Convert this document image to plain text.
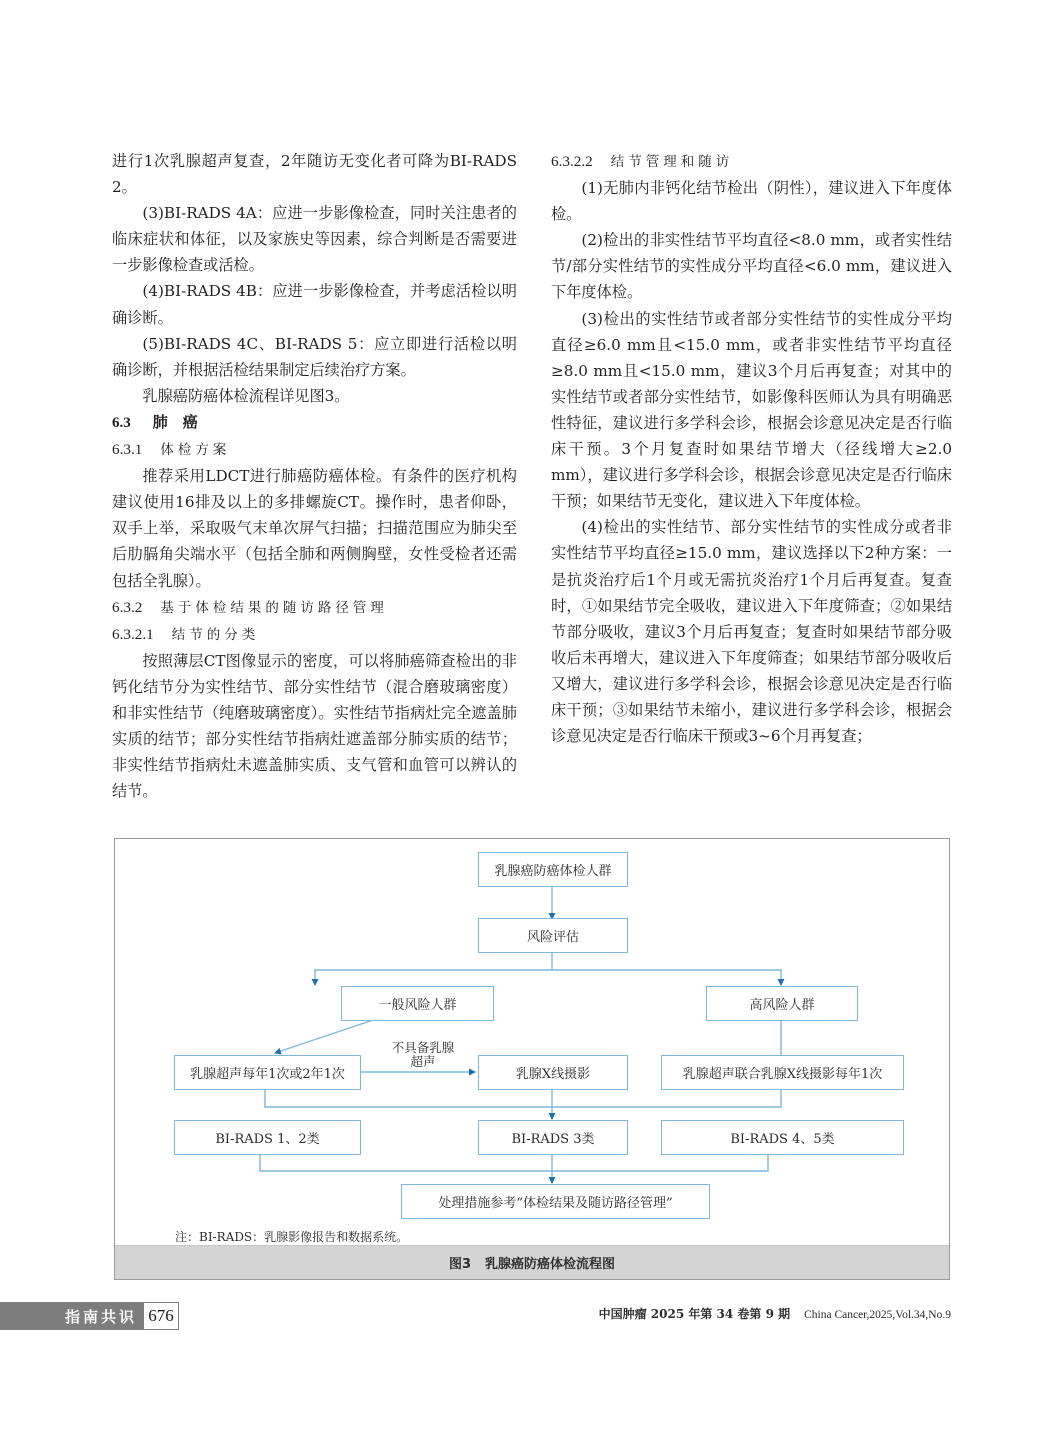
进行1次乳腺超声复查，2年随访无变化者可降为BI-RADS 2。

(3)BI-RADS 4A：应进一步影像检查，同时关注患者的临床症状和体征，以及家族史等因素，综合判断是否需要进一步影像检查或活检。

(4)BI-RADS 4B：应进一步影像检查，并考虑活检以明确诊断。

(5)BI-RADS 4C、BI-RADS 5：应立即进行活检以明确诊断，并根据活检结果制定后续治疗方案。

乳腺癌防癌体检流程详见图3。

6.3 肺　癌
6.3.1 体检方案

推荐采用LDCT进行肺癌防癌体检。有条件的医疗机构建议使用16排及以上的多排螺旋CT。操作时，患者仰卧，双手上举，采取吸气末单次屏气扫描；扫描范围应为肺尖至后肋膈角尖端水平（包括全肺和两侧胸壁，女性受检者还需包括全乳腺）。

6.3.2 基于体检结果的随访路径管理
6.3.2.1 结节的分类

按照薄层CT图像显示的密度，可以将肺癌筛查检出的非钙化结节分为实性结节、部分实性结节（混合磨玻璃密度）和非实性结节（纯磨玻璃密度）。实性结节指病灶完全遮盖肺实质的结节；部分实性结节指病灶遮盖部分肺实质的结节；非实性结节指病灶未遮盖肺实质、支气管和血管可以辨认的结节。

6.3.2.2 结节管理和随访

(1)无肺内非钙化结节检出（阴性），建议进入下年度体检。

(2)检出的非实性结节平均直径<8.0 mm，或者实性结节/部分实性结节的实性成分平均直径<6.0 mm，建议进入下年度体检。

(3)检出的实性结节或者部分实性结节的实性成分平均直径≥6.0 mm且<15.0 mm，或者非实性结节平均直径≥8.0 mm且<15.0 mm，建议3个月后再复查；对其中的实性结节或者部分实性结节，如影像科医师认为具有明确恶性特征，建议进行多学科会诊，根据会诊意见决定是否行临床干预。3个月复查时如果结节增大（径线增大≥2.0 mm），建议进行多学科会诊，根据会诊意见决定是否行临床干预；如果结节无变化，建议进入下年度体检。

(4)检出的实性结节、部分实性结节的实性成分或者非实性结节平均直径≥15.0 mm，建议选择以下2种方案：一是抗炎治疗后1个月或无需抗炎治疗1个月后再复查。复查时，①如果结节完全吸收，建议进入下年度筛查；②如果结节部分吸收，建议3个月后再复查；复查时如果结节部分吸收后未再增大，建议进入下年度筛查；如果结节部分吸收后又增大，建议进行多学科会诊，根据会诊意见决定是否行临床干预；③如果结节未缩小，建议进行多学科会诊，根据会诊意见决定是否行临床干预或3~6个月再复查；

乳腺癌防癌体检人群
风险评估
一般风险人群	高风险人群
乳腺超声每年1次或2年1次	乳腺X线摄影	乳腺超声联合乳腺X线摄影每年1次
BI-RADS 1、2类	BI-RADS 3类	BI-RADS 4、5类
处理措施参考“体检结果及随访路径管理”
不具备乳腺
超声
注：BI-RADS：乳腺影像报告和数据系统。
图3 乳腺癌防癌体检流程图
指南共识 676	中国肿瘤 2025 年第 34 卷第 9 期 China Cancer,2025,Vol.34,No.9
